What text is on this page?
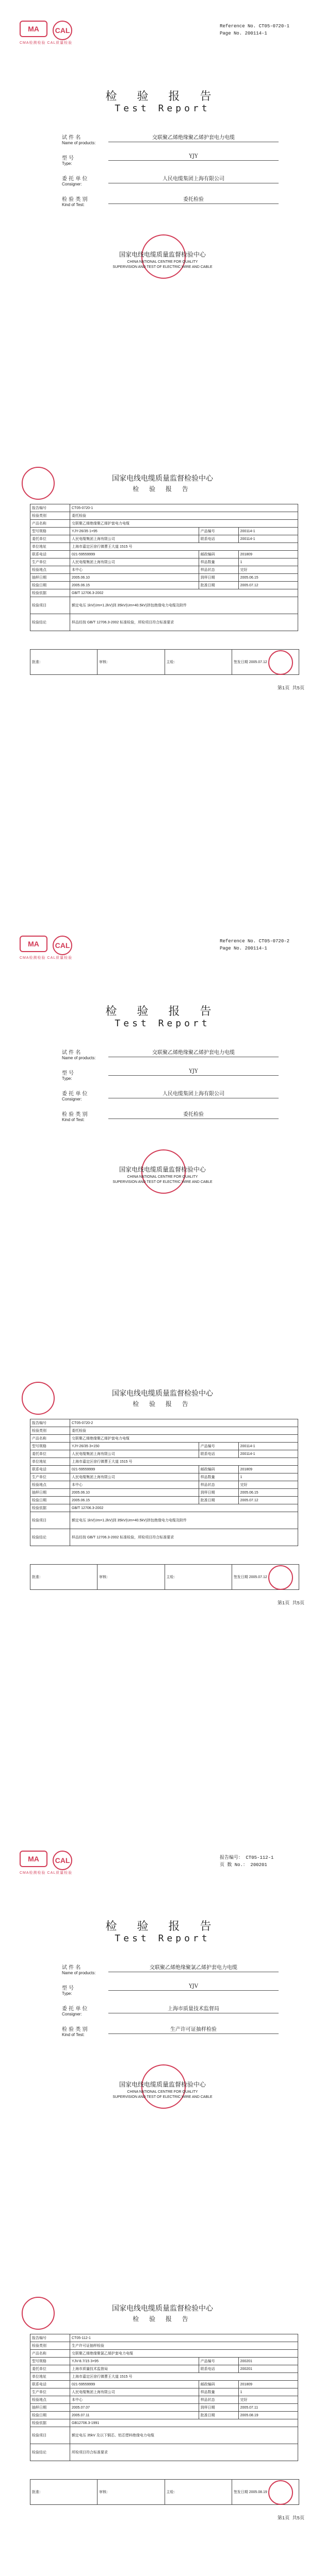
MA	CAL
CMA检测检验 CAL质量检验
Reference No. CT05-0720-1
Page No. 200114-1
检 验 报 告
Test Report
试 件 名
Name of products:
交联聚乙烯绝缘聚乙烯护套电力电缆
型 号
Type:
YJY
委 托 单 位
Consigner:
人民电缆集团上海有限公司
检 验 类 别
Kind of Test:
委托检验
国家电线电缆质量监督检验中心
CHINA NATIONAL CENTRE FOR QUALITY
SUPERVISION AND TEST OF ELECTRIC WIRE AND CABLE
国家电线电缆质量监督检验中心
检 验 报 告
报告编号	CT05-0720-1		
检验类别	委托检验		
产品名称	交联聚乙烯绝缘聚乙烯护套电力电缆		
型号规格	YJY-26/35 1×95	产品编号	200114-1
委托单位	人民电缆集团上海有限公司	联系电话	200114-1
单位地址	上海市嘉定区徐行镇曹王大道 1515 号		
联系电话	021-59559999	邮政编码	201809
生产单位	人民电缆集团上海有限公司	样品数量	1
检验地点	本中心	样品状态	完好
抽样日期	2005.06.10	到样日期	2005.06.15
检验日期	2005.06.15	批准日期	2005.07.12
检验依据	GB/T 12706.3-2002		
检验项目	额定电压 1kV(Um=1.2kV)到 35kV(Um=40.5kV)挤包绝缘电力电缆及附件		
检验结论	样品经按 GB/T 12706.3-2002 标准检验，所检项目符合标准要求		
批准：	审核：	主检：	签发日期 2005.07.12
第1页 共5页
MA	CAL
CMA检测检验 CAL质量检验
Reference No. CT05-0720-2
Page No. 200114-1
检 验 报 告
Test Report
试 件 名
Name of products:
交联聚乙烯绝缘聚乙烯护套电力电缆
型 号
Type:
YJY
委 托 单 位
Consigner:
人民电缆集团上海有限公司
检 验 类 别
Kind of Test:
委托检验
国家电线电缆质量监督检验中心
CHINA NATIONAL CENTRE FOR QUALITY
SUPERVISION AND TEST OF ELECTRIC WIRE AND CABLE
国家电线电缆质量监督检验中心
检 验 报 告
报告编号	CT05-0720-2		
检验类别	委托检验		
产品名称	交联聚乙烯绝缘聚乙烯护套电力电缆		
型号规格	YJY-26/35 3×150	产品编号	200114-1
委托单位	人民电缆集团上海有限公司	联系电话	200114-1
单位地址	上海市嘉定区徐行镇曹王大道 1515 号		
联系电话	021-59559999	邮政编码	201809
生产单位	人民电缆集团上海有限公司	样品数量	1
检验地点	本中心	样品状态	完好
抽样日期	2005.06.10	到样日期	2005.06.15
检验日期	2005.06.15	批准日期	2005.07.12
检验依据	GB/T 12706.3-2002		
检验项目	额定电压 1kV(Um=1.2kV)到 35kV(Um=40.5kV)挤包绝缘电力电缆及附件		
检验结论	样品经按 GB/T 12706.3-2002 标准检验，所检项目符合标准要求		
批准：	审核：	主检：	签发日期 2005.07.12
第1页 共5页
MA	CAL
CMA检测检验 CAL质量检验
报告编号： CT05-112-1
页 数 No.： 200201
检 验 报 告
Test Report
试 件 名
Name of products:
交联聚乙烯绝缘聚氯乙烯护套电力电缆
型 号
Type:
YJV
委 托 单 位
Consigner:
上海市质量技术监督局
检 验 类 别
Kind of Test:
生产许可证抽样检验
国家电线电缆质量监督检验中心
CHINA NATIONAL CENTRE FOR QUALITY
SUPERVISION AND TEST OF ELECTRIC WIRE AND CABLE
国家电线电缆质量监督检验中心
检 验 报 告
报告编号	CT05-112-1		
检验类别	生产许可证抽样检验		
产品名称	交联聚乙烯绝缘聚氯乙烯护套电力电缆		
型号规格	YJV-8.7/15 3×95	产品编号	200201
委托单位	上海市质量技术监督局	联系电话	200201
单位地址	上海市嘉定区徐行镇曹王大道 1515 号		
联系电话	021-59559999	邮政编码	201809
生产单位	人民电缆集团上海有限公司	样品数量	1
检验地点	本中心	样品状态	完好
抽样日期	2005.07.07	到样日期	2005.07.11
检验日期	2005.07.11	批准日期	2005.08.19
检验依据	GB12706.3-1991		
检验项目	额定电压 35kV 及以下铜芯、铝芯塑料绝缘电力电缆		
检验结论	所检项目符合标准要求		
批准：	审核：	主检：	签发日期 2005.08.19
第1页 共5页
